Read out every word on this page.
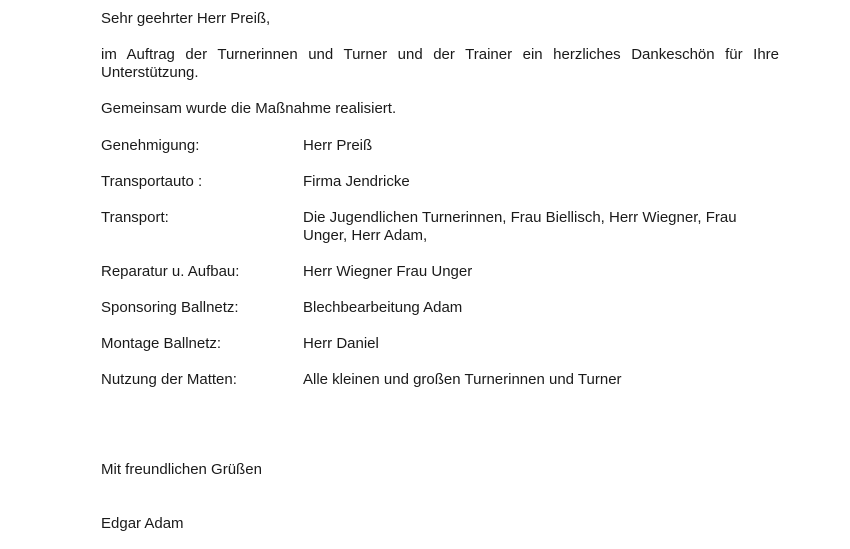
Sehr geehrter Herr Preiß,
im Auftrag der Turnerinnen und Turner und der Trainer ein herzliches Dankeschön für Ihre Unterstützung.
Gemeinsam wurde die Maßnahme realisiert.
Genehmigung:	Herr Preiß
Transportauto :	Firma Jendricke
Transport:	Die Jugendlichen Turnerinnen, Frau Biellisch, Herr Wiegner, Frau Unger, Herr Adam,
Reparatur u. Aufbau:	Herr Wiegner Frau Unger
Sponsoring Ballnetz:	Blechbearbeitung Adam
Montage Ballnetz:	Herr Daniel
Nutzung der Matten:	Alle kleinen und großen Turnerinnen und Turner
Mit freundlichen Grüßen
Edgar Adam
